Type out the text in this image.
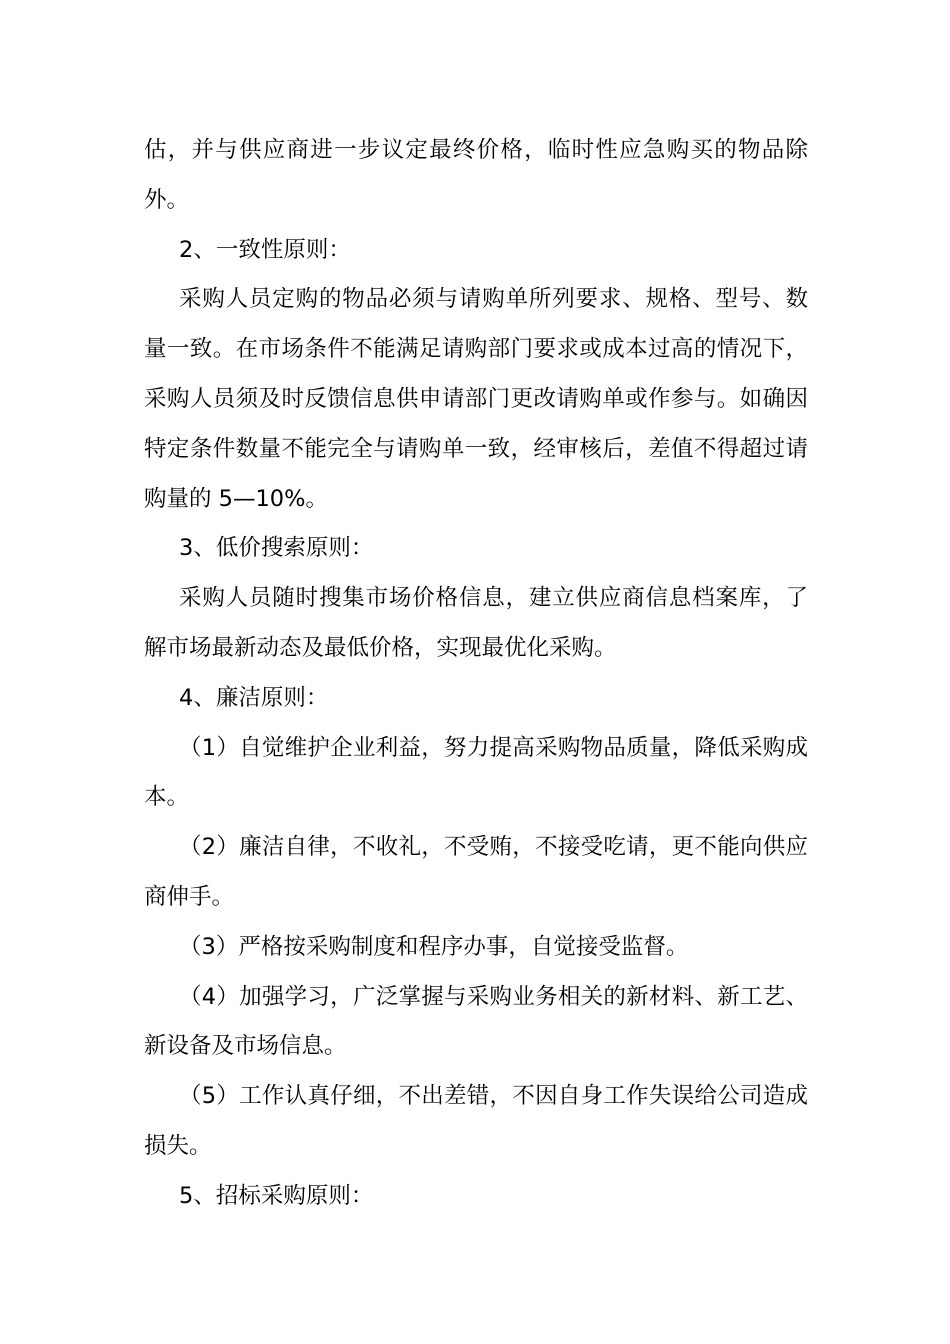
估，并与供应商进一步议定最终价格，临时性应急购买的物品除外。

2、一致性原则：

采购人员定购的物品必须与请购单所列要求、规格、型号、数量一致。在市场条件不能满足请购部门要求或成本过高的情况下，采购人员须及时反馈信息供申请部门更改请购单或作参与。如确因特定条件数量不能完全与请购单一致，经审核后，差值不得超过请购量的 5—10%。

3、低价搜索原则：

采购人员随时搜集市场价格信息，建立供应商信息档案库，了解市场最新动态及最低价格，实现最优化采购。

4、廉洁原则：

（1）自觉维护企业利益，努力提高采购物品质量，降低采购成本。

（2）廉洁自律，不收礼，不受贿，不接受吃请，更不能向供应商伸手。

（3）严格按采购制度和程序办事，自觉接受监督。

（4）加强学习，广泛掌握与采购业务相关的新材料、新工艺、新设备及市场信息。

（5）工作认真仔细，不出差错，不因自身工作失误给公司造成损失。

5、招标采购原则：
